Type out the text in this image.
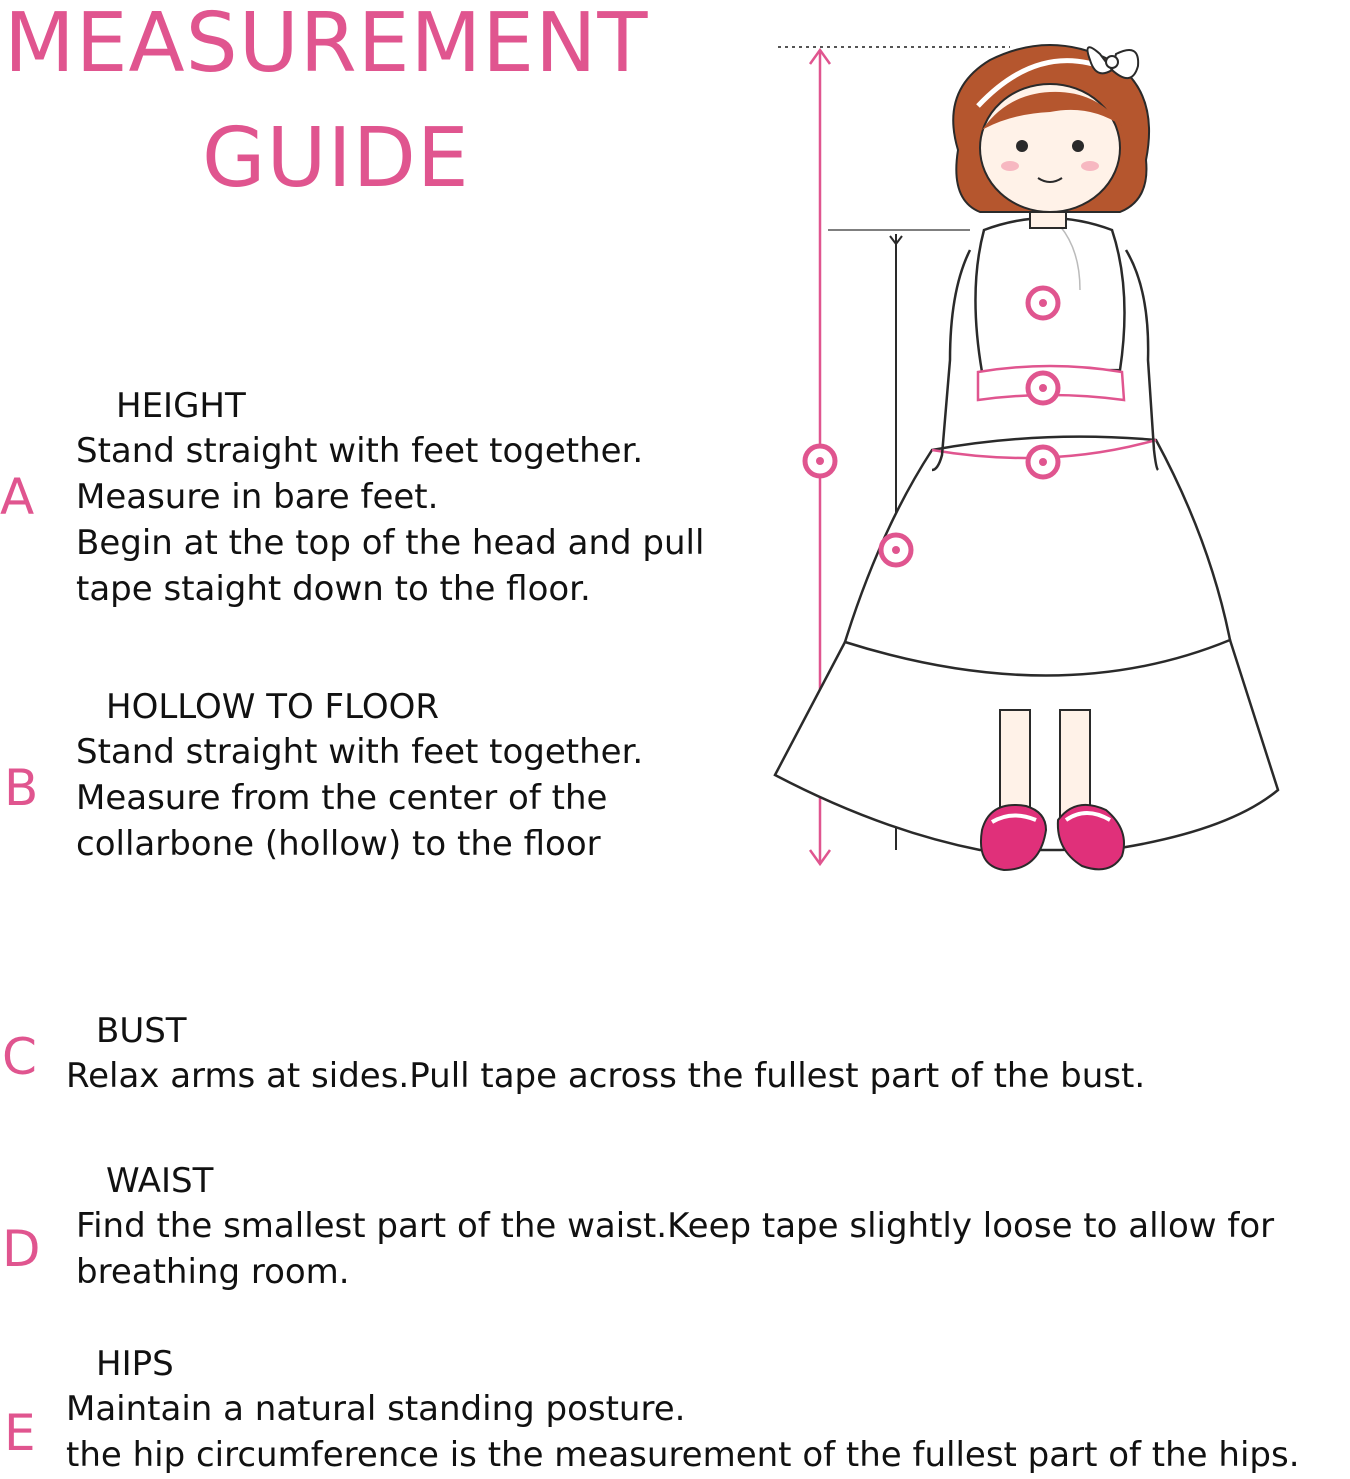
MEASUREMENT
GUIDE
A
HEIGHT
Stand straight with feet together.
Measure in bare feet.
Begin at the top of the head and pull
tape staight down to the floor.
B
HOLLOW TO FLOOR
Stand straight with feet together.
Measure from the center of the
collarbone (hollow) to the floor
C BUST
Relax arms at sides.Pull tape across the fullest part of the bust.
D
WAIST
Find the smallest part of the waist.Keep tape slightly loose to allow for
breathing room.
E
HIPS
Maintain a natural standing posture.
the hip circumference is the measurement of the fullest part of the hips.
